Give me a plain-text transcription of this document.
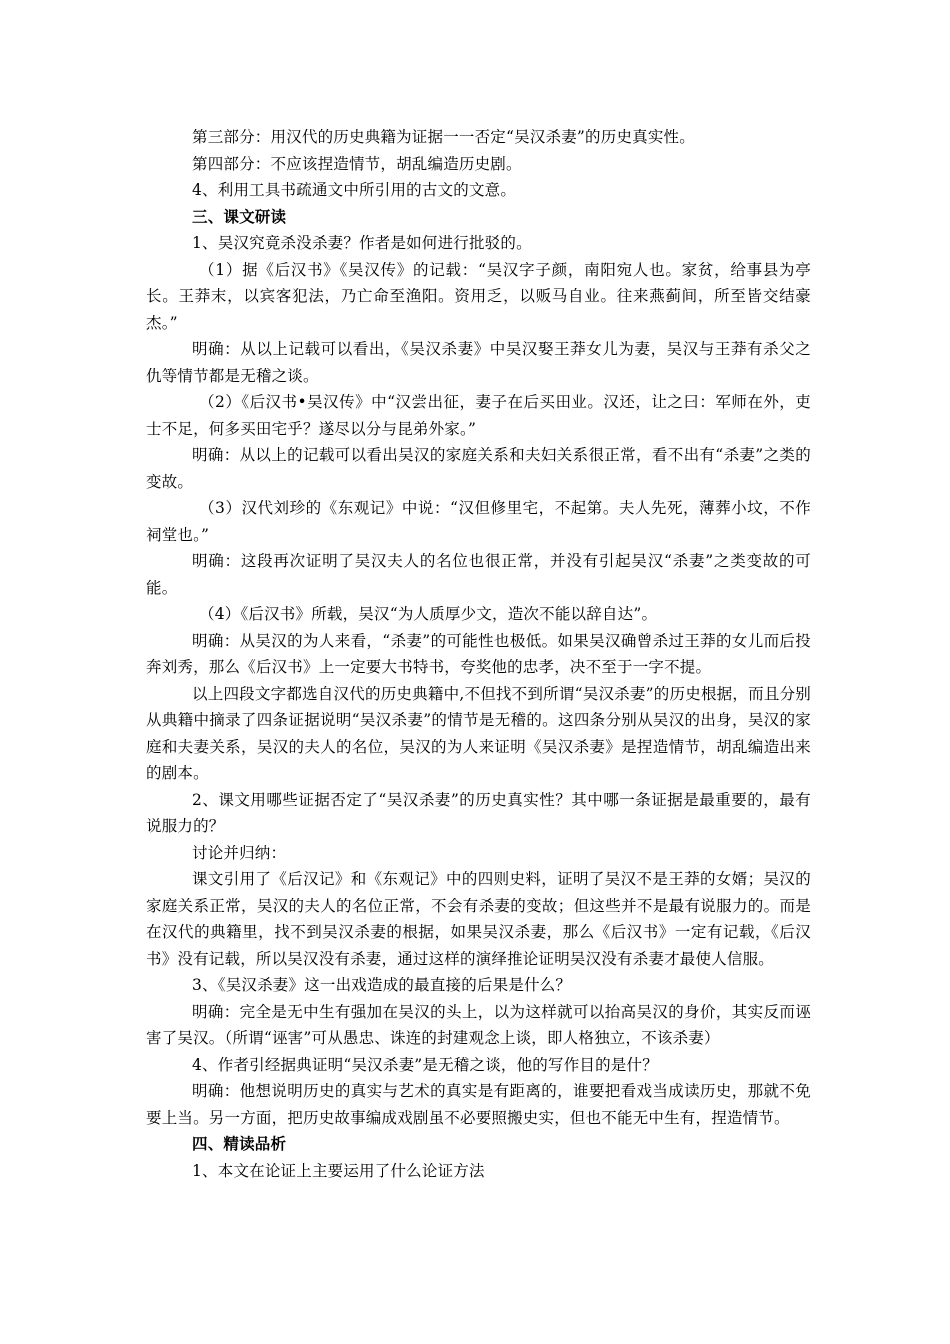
第三部分：用汉代的历史典籍为证据一一否定“吴汉杀妻”的历史真实性。

第四部分：不应该捏造情节，胡乱编造历史剧。

4、利用工具书疏通文中所引用的古文的文意。

三、课文研读

1、吴汉究竟杀没杀妻？作者是如何进行批驳的。

（1）据《后汉书》《吴汉传》的记载：“吴汉字子颜，南阳宛人也。家贫，给事县为亭长。王莽末，以宾客犯法，乃亡命至渔阳。资用乏，以贩马自业。往来燕蓟间，所至皆交结豪杰。”

明确：从以上记载可以看出，《吴汉杀妻》中吴汉娶王莽女儿为妻，吴汉与王莽有杀父之仇等情节都是无稽之谈。

（2）《后汉书•吴汉传》中“汉尝出征，妻子在后买田业。汉还，让之曰：军师在外，吏士不足，何多买田宅乎？遂尽以分与昆弟外家。”

明确：从以上的记载可以看出吴汉的家庭关系和夫妇关系很正常，看不出有“杀妻”之类的变故。

（3）汉代刘珍的《东观记》中说：“汉但修里宅，不起第。夫人先死，薄葬小坟，不作祠堂也。”

明确：这段再次证明了吴汉夫人的名位也很正常，并没有引起吴汉“杀妻”之类变故的可能。

（4）《后汉书》所载，吴汉“为人质厚少文，造次不能以辞自达”。

明确：从吴汉的为人来看，“杀妻”的可能性也极低。如果吴汉确曾杀过王莽的女儿而后投奔刘秀，那么《后汉书》上一定要大书特书，夸奖他的忠孝，决不至于一字不提。

以上四段文字都选自汉代的历史典籍中,不但找不到所谓“吴汉杀妻”的历史根据，而且分别从典籍中摘录了四条证据说明“吴汉杀妻”的情节是无稽的。这四条分别从吴汉的出身，吴汉的家庭和夫妻关系，吴汉的夫人的名位，吴汉的为人来证明《吴汉杀妻》是捏造情节，胡乱编造出来的剧本。

2、课文用哪些证据否定了“吴汉杀妻”的历史真实性？其中哪一条证据是最重要的，最有说服力的？

讨论并归纳：

课文引用了《后汉记》和《东观记》中的四则史料，证明了吴汉不是王莽的女婿；吴汉的家庭关系正常，吴汉的夫人的名位正常，不会有杀妻的变故；但这些并不是最有说服力的。而是在汉代的典籍里，找不到吴汉杀妻的根据，如果吴汉杀妻，那么《后汉书》一定有记载，《后汉书》没有记载，所以吴汉没有杀妻，通过这样的演绎推论证明吴汉没有杀妻才最使人信服。

3、《吴汉杀妻》这一出戏造成的最直接的后果是什么？

明确：完全是无中生有强加在吴汉的头上，以为这样就可以抬高吴汉的身价，其实反而诬害了吴汉。（所谓“诬害”可从愚忠、诛连的封建观念上谈，即人格独立，不该杀妻）

4、作者引经据典证明“吴汉杀妻”是无稽之谈，他的写作目的是什？

明确：他想说明历史的真实与艺术的真实是有距离的，谁要把看戏当成读历史，那就不免要上当。另一方面，把历史故事编成戏剧虽不必要照搬史实，但也不能无中生有，捏造情节。

四、精读品析

1、本文在论证上主要运用了什么论证方法
